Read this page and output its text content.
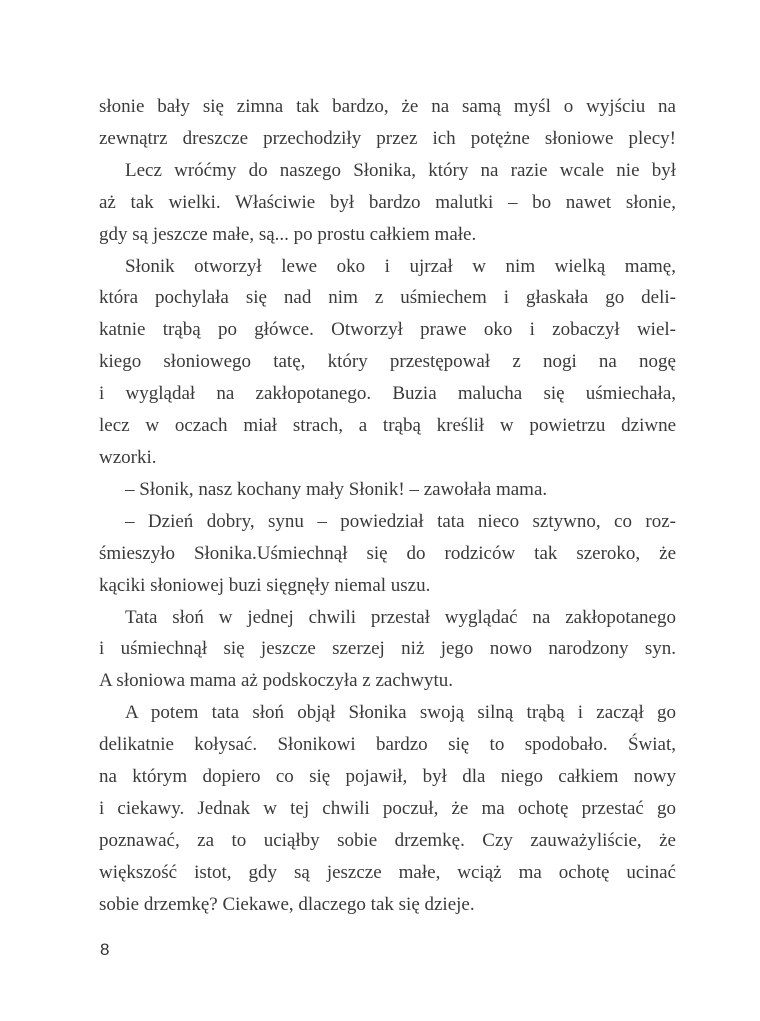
słonie bały się zimna tak bardzo, że na samą myśl o wyjściu na
zewnątrz dreszcze przechodziły przez ich potężne słoniowe plecy!
Lecz wróćmy do naszego Słonika, który na razie wcale nie był
aż tak wielki. Właściwie był bardzo malutki – bo nawet słonie,
gdy są jeszcze małe, są... po prostu całkiem małe.
Słonik otworzył lewe oko i ujrzał w nim wielką mamę,
która pochylała się nad nim z uśmiechem i głaskała go deli-
katnie trąbą po główce. Otworzył prawe oko i zobaczył wiel-
kiego słoniowego tatę, który przestępował z nogi na nogę
i wyglądał na zakłopotanego. Buzia malucha się uśmiechała,
lecz w oczach miał strach, a trąbą kreślił w powietrzu dziwne
wzorki.
– Słonik, nasz kochany mały Słonik! – zawołała mama.
– Dzień dobry, synu – powiedział tata nieco sztywno, co roz-
śmieszyło Słonika.Uśmiechnął się do rodziców tak szeroko, że
kąciki słoniowej buzi sięgnęły niemal uszu.
Tata słoń w jednej chwili przestał wyglądać na zakłopotanego
i uśmiechnął się jeszcze szerzej niż jego nowo narodzony syn.
A słoniowa mama aż podskoczyła z zachwytu.
A potem tata słoń objął Słonika swoją silną trąbą i zaczął go
delikatnie kołysać. Słonikowi bardzo się to spodobało. Świat,
na którym dopiero co się pojawił, był dla niego całkiem nowy
i ciekawy. Jednak w tej chwili poczuł, że ma ochotę przestać go
poznawać, za to uciąłby sobie drzemkę. Czy zauważyliście, że
większość istot, gdy są jeszcze małe, wciąż ma ochotę ucinać
sobie drzemkę? Ciekawe, dlaczego tak się dzieje.
8
